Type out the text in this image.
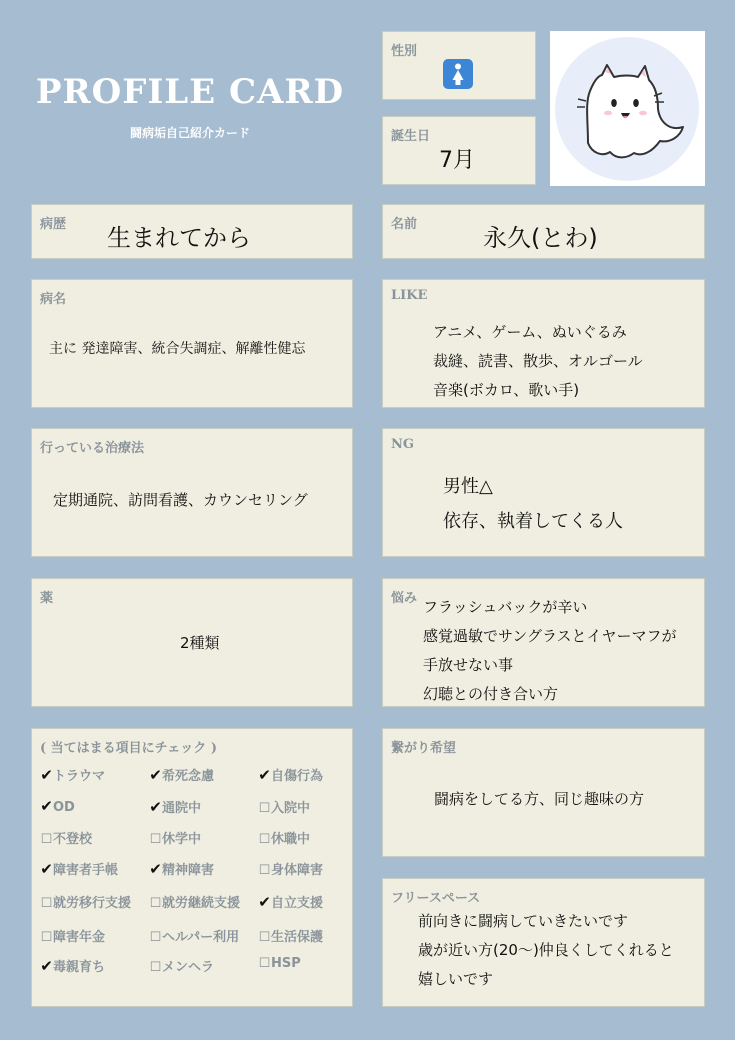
PROFILE CARD
闘病垢自己紹介カード
性別
誕生日
7月
病歴 生まれてから	名前	永久(とわ)
病名
主に 発達障害、統合失調症、解離性健忘
LIKE
アニメ、ゲーム、ぬいぐるみ
裁縫、読書、散歩、オルゴール
音楽(ボカロ、歌い手)
行っている治療法
定期通院、訪問看護、カウンセリング
NG
男性△
依存、執着してくる人
薬
2種類
悩み フラッシュバックが辛い
感覚過敏でサングラスとイヤーマフが
手放せない事
幻聴との付き合い方
( 当てはまる項目にチェック )
✔トラウマ	✔希死念慮	✔自傷行為
✔OD	✔通院中	☐入院中
☐不登校	☐休学中	☐休職中
✔障害者手帳 ✔精神障害	☐身体障害
☐就労移行支援 ☐就労継続支援 ✔自立支援
☐障害年金	☐ヘルパー利用 ☐生活保護
✔毒親育ち	☐メンヘラ	☐HSP
繋がり希望
闘病をしてる方、同じ趣味の方
フリースペース
前向きに闘病していきたいです
歳が近い方(20〜)仲良くしてくれると
嬉しいです
